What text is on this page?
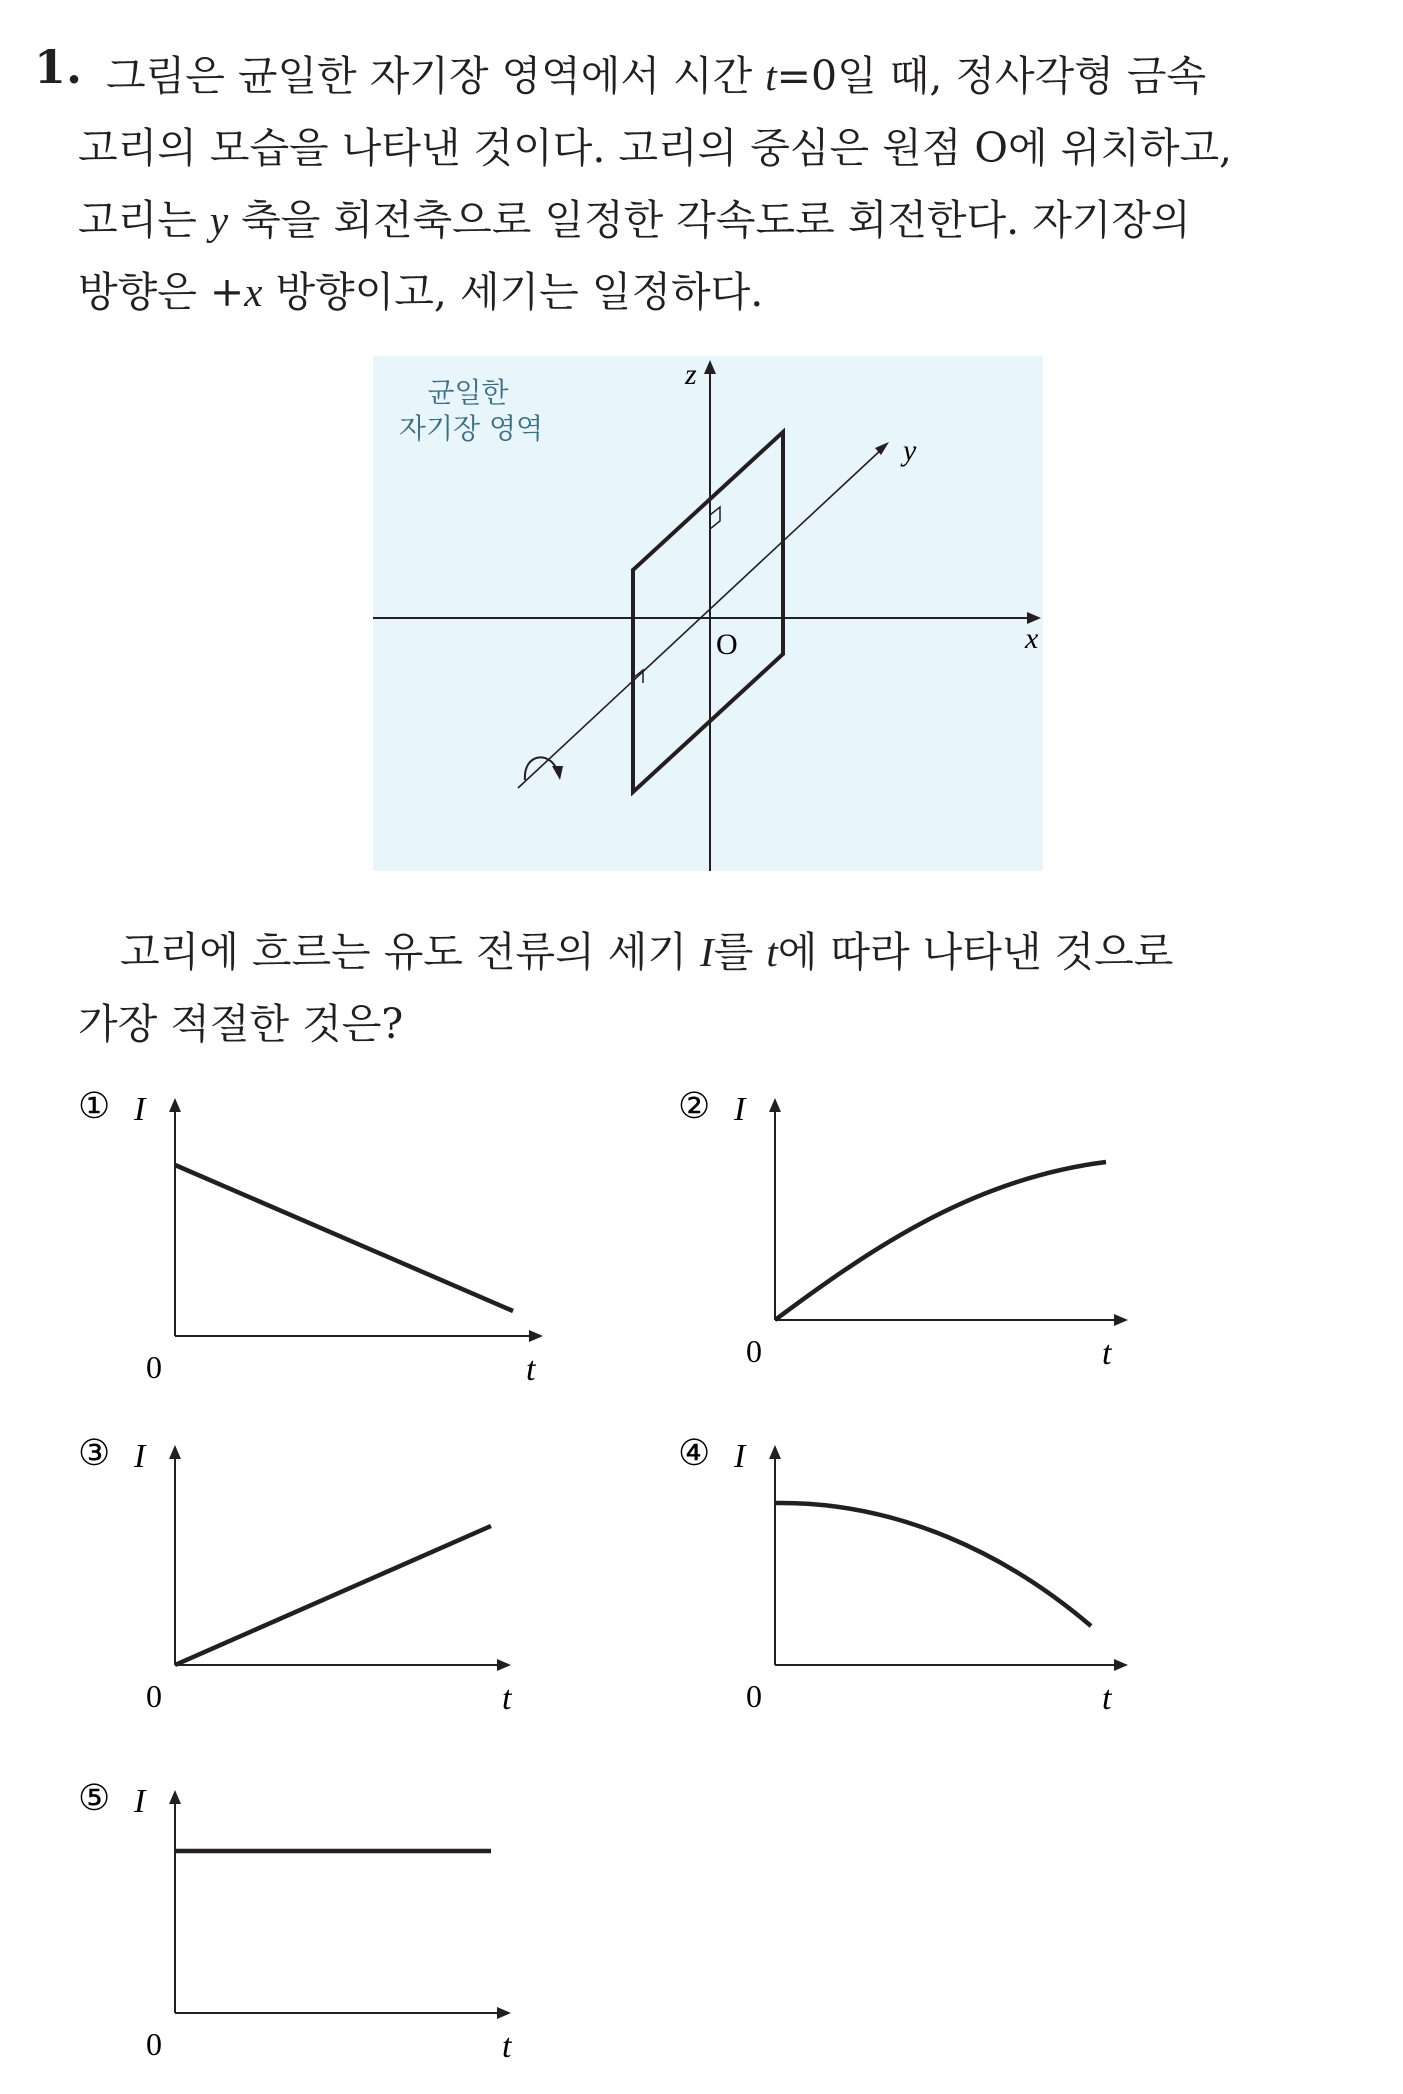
1. 그림은 균일한 자기장 영역에서 시간 t=0일 때, 정사각형 금속
고리의 모습을 나타낸 것이다. 고리의 중심은 원점 O에 위치하고,
고리는 y 축을 회전축으로 일정한 각속도로 회전한다. 자기장의
방향은 +x 방향이고, 세기는 일정하다.
균일한
자기장 영역
x
z
y
O
고리에 흐르는 유도 전류의 세기 I를 t에 따라 나타낸 것으로
가장 적절한 것은?
① I
0	t
② I
0	t
③ I
0	t
④ I
0	t
⑤ I
0	t
